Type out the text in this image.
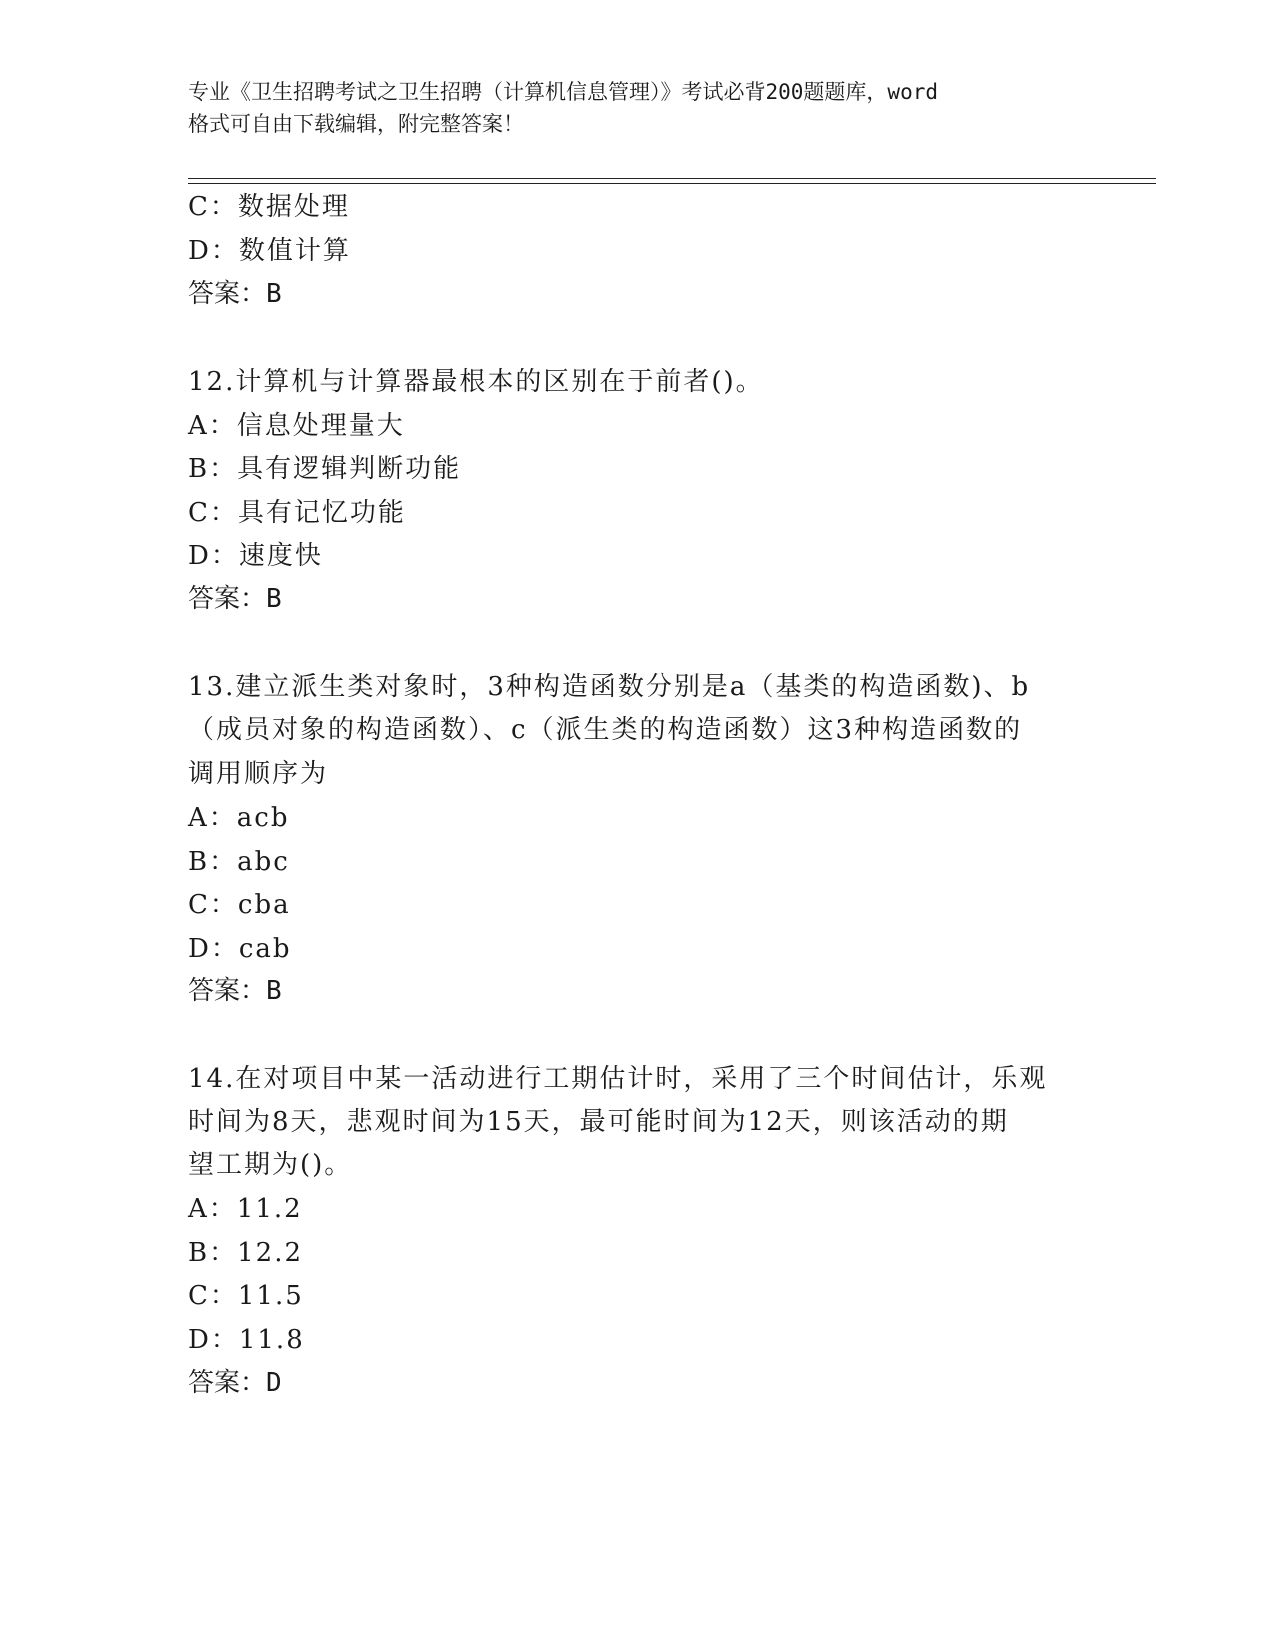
专业《卫生招聘考试之卫生招聘（计算机信息管理）》考试必背200题题库，word

格式可自由下载编辑，附完整答案！

C：数据处理
D：数值计算
答案：B
12.计算机与计算器最根本的区别在于前者()。
A：信息处理量大
B：具有逻辑判断功能
C：具有记忆功能
D：速度快
答案：B
13.建立派生类对象时，3种构造函数分别是a（基类的构造函数)、b
（成员对象的构造函数）、c（派生类的构造函数）这3种构造函数的
调用顺序为
A：acb
B：abc
C：cba
D：cab
答案：B
14.在对项目中某一活动进行工期估计时，采用了三个时间估计，乐观
时间为8天，悲观时间为15天，最可能时间为12天，则该活动的期
望工期为()。
A：11.2
B：12.2
C：11.5
D：11.8
答案：D
